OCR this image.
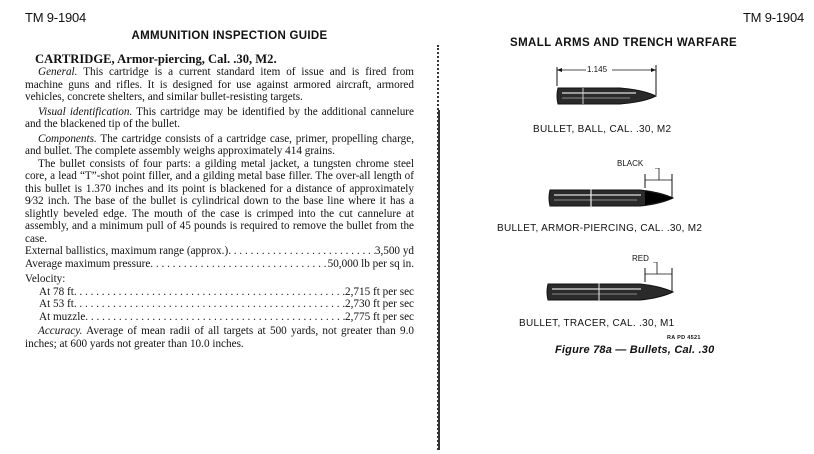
TM 9-1904	TM 9-1904
AMMUNITION INSPECTION GUIDE
CARTRIDGE, Armor-piercing, Cal. .30, M2.

General. This cartridge is a current standard item of issue and is fired from machine guns and rifles. It is designed for use against armored aircraft, armored vehicles, concrete shelters, and similar bullet-resisting targets.

Visual identification. This cartridge may be identified by the additional cannelure and the blackened tip of the bullet.

Components. The cartridge consists of a cartridge case, primer, propelling charge, and bullet. The complete assembly weighs approximately 414 grains.

The bullet consists of four parts: a gilding metal jacket, a tungsten chrome steel core, a lead “T”-shot point filler, and a gilding metal base filler. The over-all length of this bullet is 1.370 inches and its point is blackened for a distance of approximately 9⁄32 inch. The base of the bullet is cylindrical down to the base line where it has a slightly beveled edge. The mouth of the case is crimped into the cut cannelure at assembly, and a minimum pull of 45 pounds is required to remove the bullet from the case.

External ballistics, maximum range (approx.) . . .	3,500 yd
Average maximum pressure . . .	50,000 lb per sq in.
Velocity:
At 78 ft . . .	2,715 ft per sec
At 53 ft . . .	2,730 ft per sec
At muzzle . . .	2,775 ft per sec

Accuracy. Average of mean radii of all targets at 500 yards, not greater than 9.0 inches; at 600 yards not greater than 10.0 inches.

SMALL ARMS AND TRENCH WARFARE
1.145
BULLET, BALL, CAL. .30, M2
BLACK
BULLET, ARMOR-PIERCING, CAL. .30, M2
RED
BULLET, TRACER, CAL. .30, M1
RA PD 4521
Figure 78a — Bullets, Cal. .30
